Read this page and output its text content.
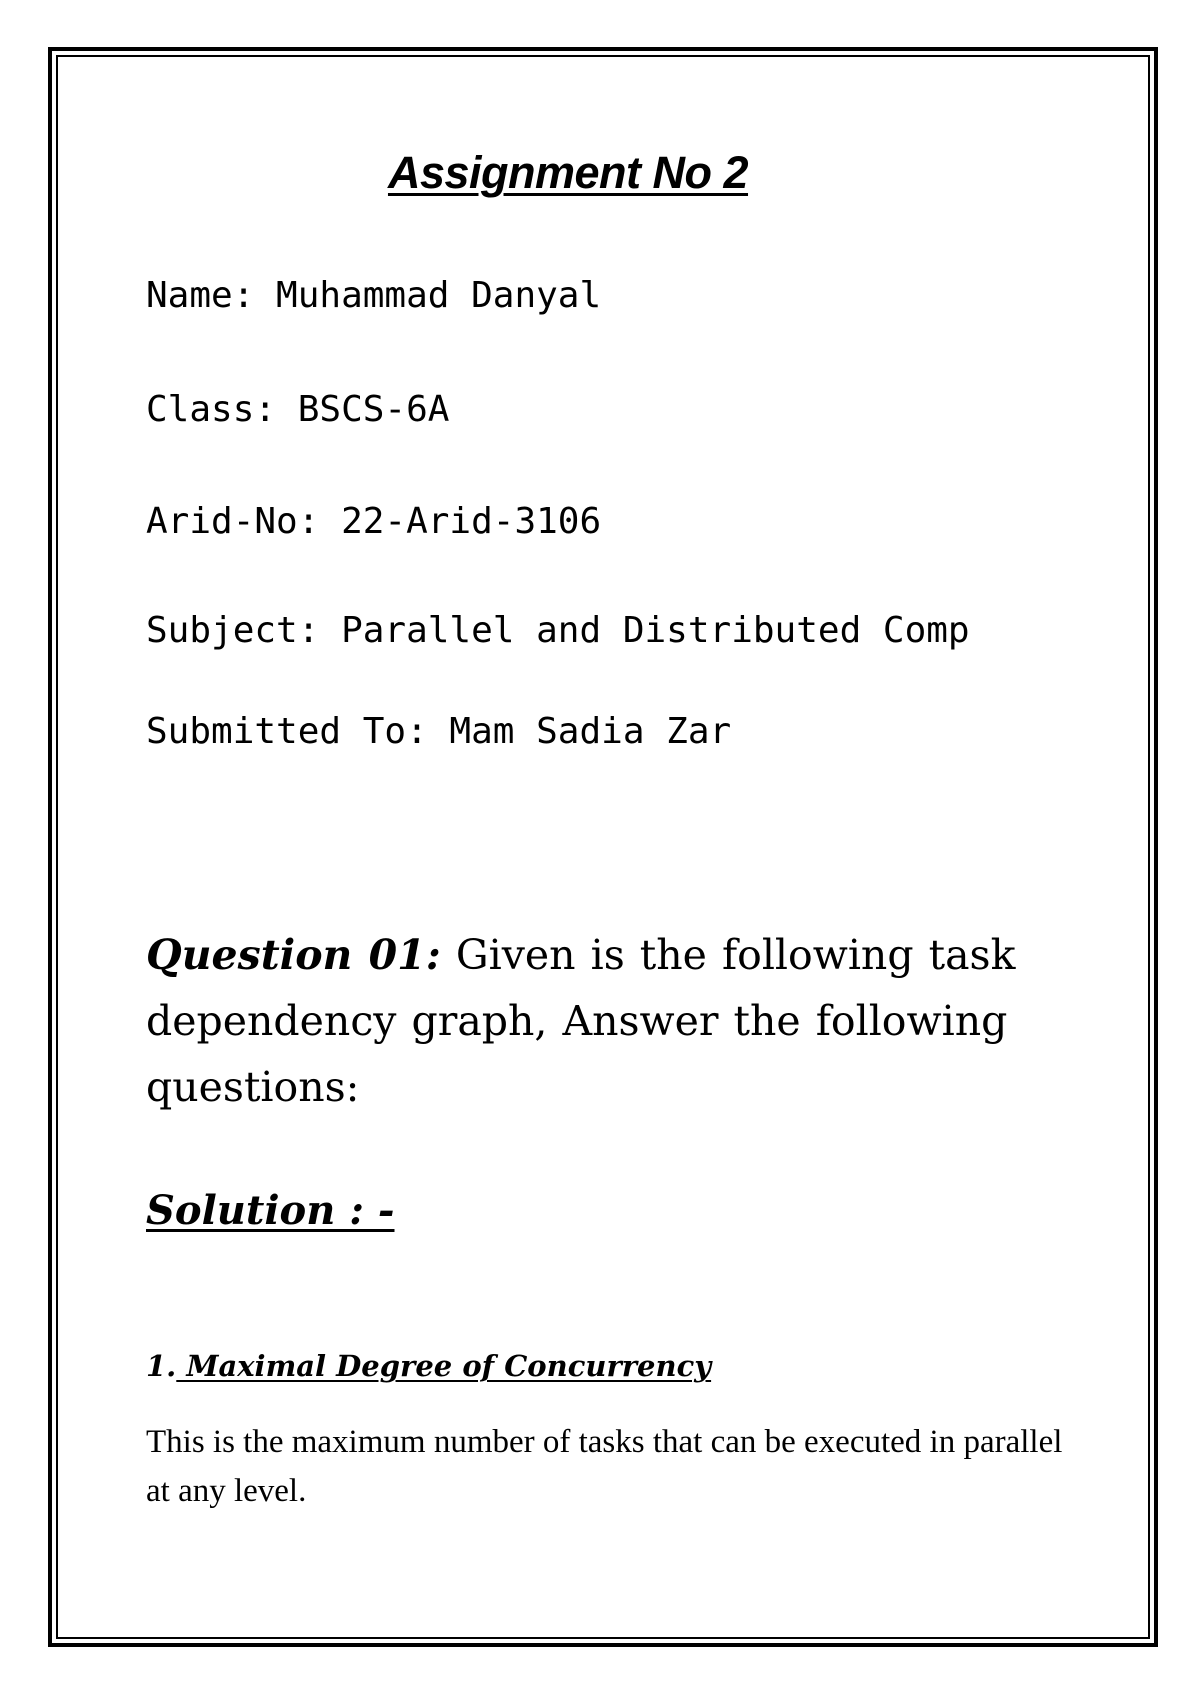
Assignment No 2
Name: Muhammad Danyal
Class: BSCS-6A
Arid-No: 22-Arid-3106
Subject: Parallel and Distributed Comp
Submitted To: Mam Sadia Zar
Question 01: Given is the following task dependency graph, Answer the following questions:
Solution : -
1. Maximal Degree of Concurrency
This is the maximum number of tasks that can be executed in parallel at any level.
